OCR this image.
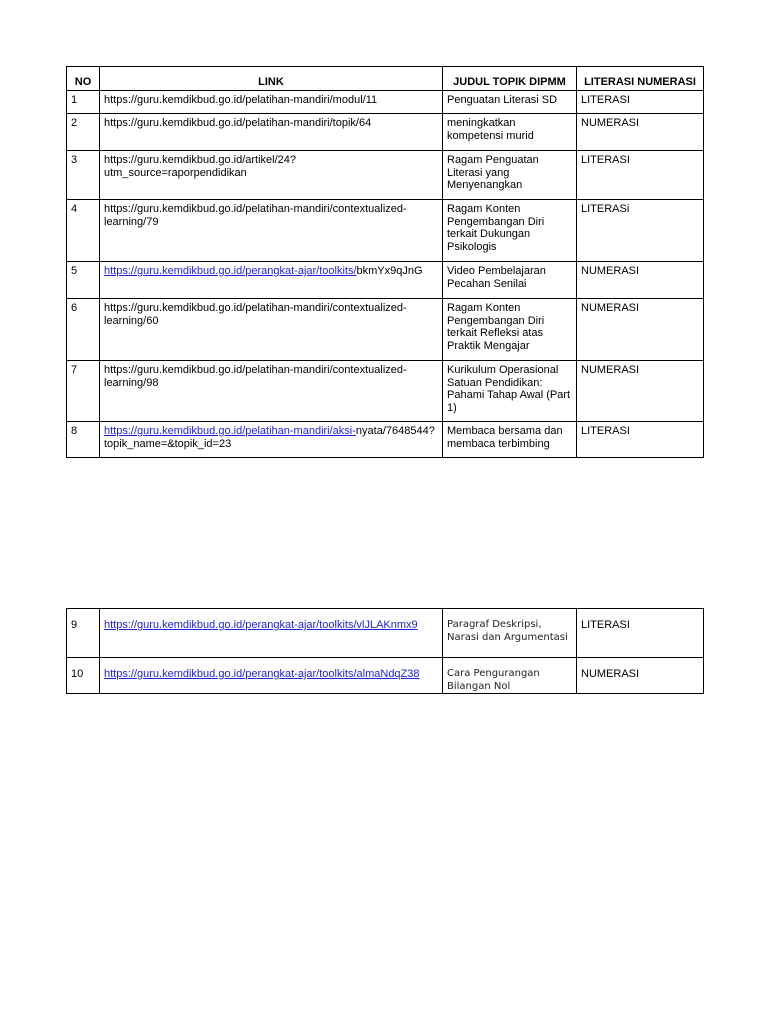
NO	LINK	JUDUL TOPIK DIPMM	LITERASI NUMERASI
1	https://guru.kemdikbud.go.id/pelatihan-mandiri/modul/11	Penguatan Literasi SD	LITERASI
2	https://guru.kemdikbud.go.id/pelatihan-mandiri/topik/64	meningkatkan kompetensi murid	NUMERASI
3	https://guru.kemdikbud.go.id/artikel/24?utm_source=raporpendidikan	Ragam Penguatan Literasi yang Menyenangkan	LITERASI
4	https://guru.kemdikbud.go.id/pelatihan-mandiri/contextualized-learning/79	Ragam Konten Pengembangan Diri terkait Dukungan Psikologis	LITERASi
5	https://guru.kemdikbud.go.id/perangkat-ajar/toolkits/bkmYx9qJnG	Video Pembelajaran Pecahan Senilai	NUMERASI
6	https://guru.kemdikbud.go.id/pelatihan-mandiri/contextualized-learning/60	Ragam Konten Pengembangan Diri terkait Refleksi atas Praktik Mengajar	NUMERASI
7	https://guru.kemdikbud.go.id/pelatihan-mandiri/contextualized-learning/98	Kurikulum Operasional Satuan Pendidikan: Pahami Tahap Awal (Part 1)	NUMERASI
8	https://guru.kemdikbud.go.id/pelatihan-mandiri/aksi-nyata/7648544?topik_name=&topik_id=23	Membaca bersama dan membaca terbimbing	LITERASI
9	https://guru.kemdikbud.go.id/perangkat-ajar/toolkits/vlJLAKnmx9	Paragraf Deskripsi, Narasi dan Argumentasi	LITERASI
10	https://guru.kemdikbud.go.id/perangkat-ajar/toolkits/almaNdqZ38	Cara Pengurangan Bilangan Nol	NUMERASI
